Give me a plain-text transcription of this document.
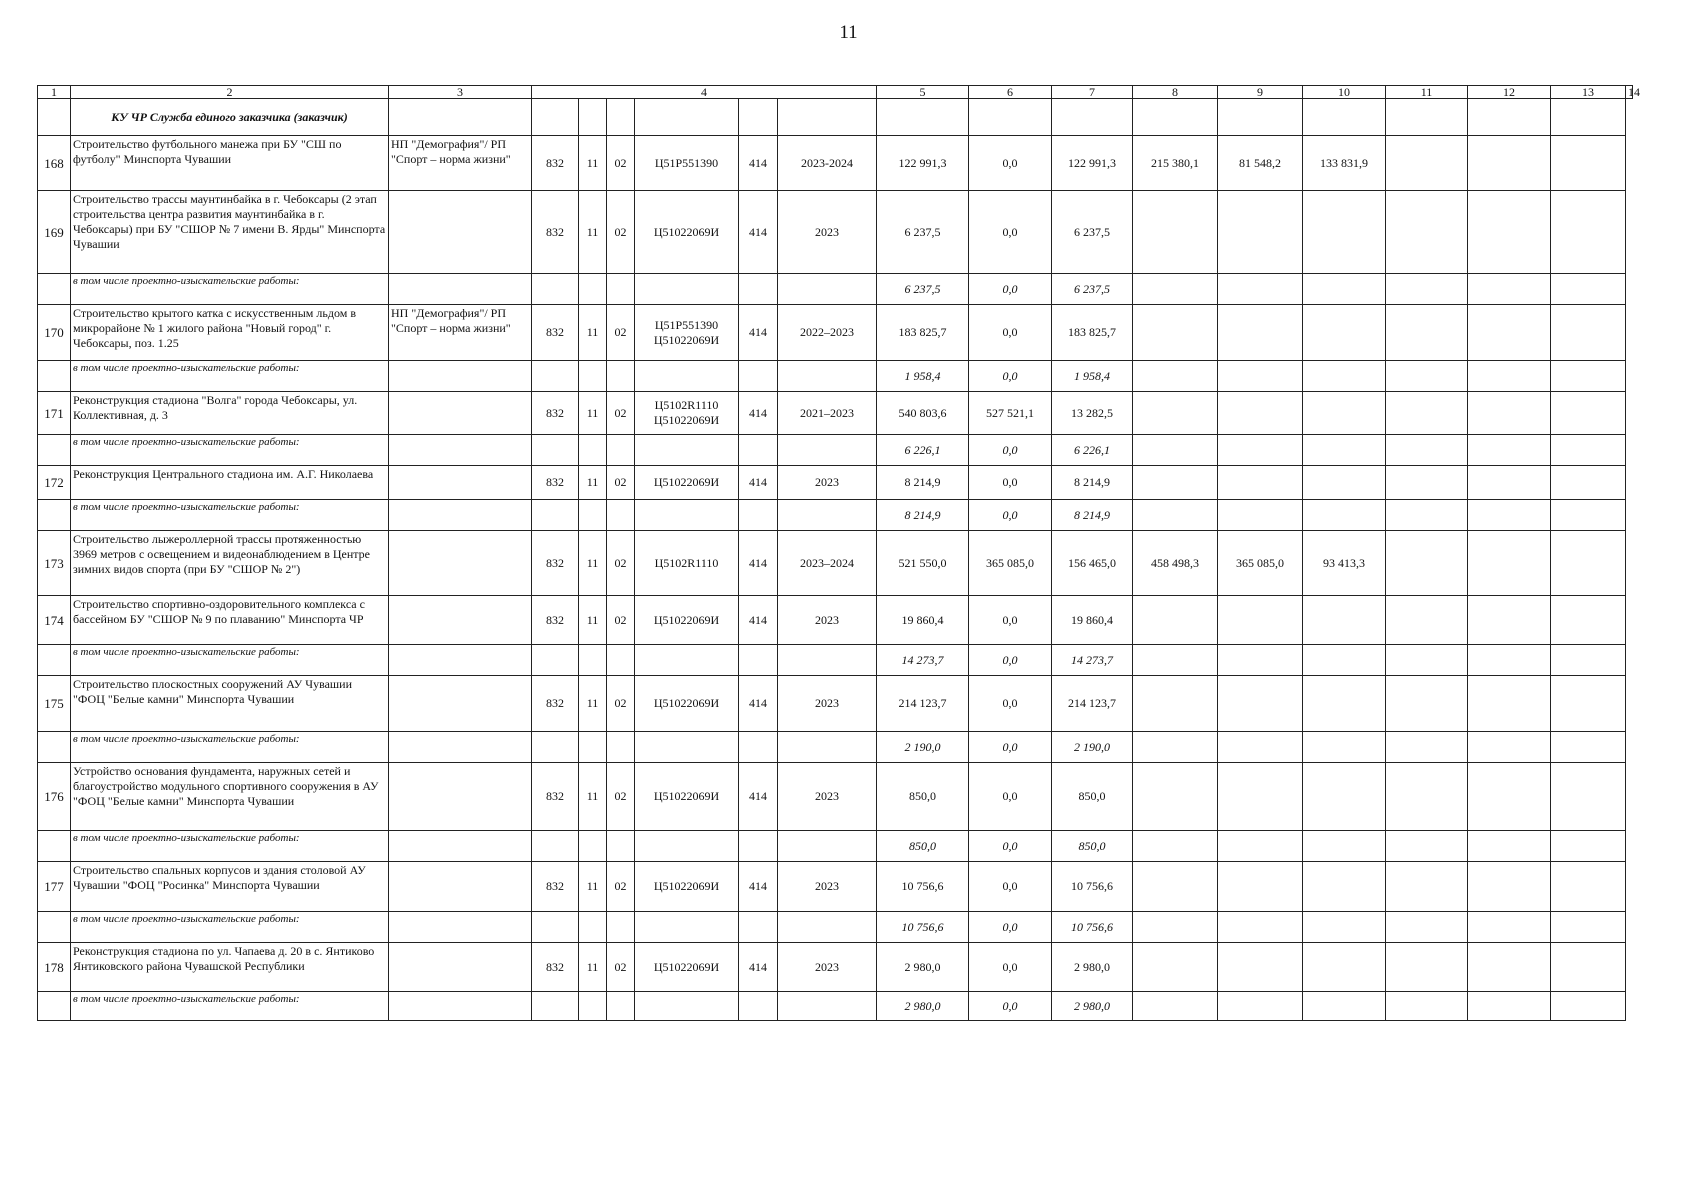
11
1	2	3	4						5	6	7	8	9	10	11	12	13	14
	КУ ЧР Служба единого заказчика (заказчик)																	
168	Строительство футбольного манежа при БУ "СШ по футболу" Минспорта Чувашии	НП "Демография"/ РП "Спорт – норма жизни"	832	11	02	Ц51Р551390	414	2023-2024	122 991,3	0,0	122 991,3	215 380,1	81 548,2	133 831,9				
169	Строительство трассы маунтинбайка в г. Чебоксары (2 этап строительства центра развития маунтинбайка в г. Чебоксары) при БУ "СШОР № 7 имени В. Ярды" Минспорта Чувашии		832	11	02	Ц51022069И	414	2023	6 237,5	0,0	6 237,5							
	в том числе проектно-изыскательские работы:								6 237,5	0,0	6 237,5							
170	Строительство крытого катка с искусственным льдом в микрорайоне № 1 жилого района "Новый город" г. Чебоксары, поз. 1.25	НП "Демография"/ РП "Спорт – норма жизни"	832	11	02	Ц51Р551390 Ц51022069И	414	2022–2023	183 825,7	0,0	183 825,7							
	в том числе проектно-изыскательские работы:								1 958,4	0,0	1 958,4							
171	Реконструкция стадиона "Волга" города Чебоксары, ул. Коллективная, д. 3		832	11	02	Ц5102R1110 Ц51022069И	414	2021–2023	540 803,6	527 521,1	13 282,5							
	в том числе проектно-изыскательские работы:								6 226,1	0,0	6 226,1							
172	Реконструкция Центрального стадиона им. А.Г. Николаева		832	11	02	Ц51022069И	414	2023	8 214,9	0,0	8 214,9							
	в том числе проектно-изыскательские работы:								8 214,9	0,0	8 214,9							
173	Строительство лыжероллерной трассы протяженностью 3969 метров с освещением и видеонаблюдением в Центре зимних видов спорта (при БУ "СШОР № 2")		832	11	02	Ц5102R1110	414	2023–2024	521 550,0	365 085,0	156 465,0	458 498,3	365 085,0	93 413,3				
174	Строительство спортивно-оздоровительного комплекса с бассейном БУ "СШОР № 9 по плаванию" Минспорта ЧР		832	11	02	Ц51022069И	414	2023	19 860,4	0,0	19 860,4							
	в том числе проектно-изыскательские работы:								14 273,7	0,0	14 273,7							
175	Строительство плоскостных сооружений АУ Чувашии "ФОЦ "Белые камни" Минспорта Чувашии		832	11	02	Ц51022069И	414	2023	214 123,7	0,0	214 123,7							
	в том числе проектно-изыскательские работы:								2 190,0	0,0	2 190,0							
176	Устройство основания фундамента, наружных сетей и благоустройство модульного спортивного сооружения в АУ "ФОЦ "Белые камни" Минспорта Чувашии		832	11	02	Ц51022069И	414	2023	850,0	0,0	850,0							
	в том числе проектно-изыскательские работы:								850,0	0,0	850,0							
177	Строительство спальных корпусов и здания столовой АУ Чувашии "ФОЦ "Росинка" Минспорта Чувашии		832	11	02	Ц51022069И	414	2023	10 756,6	0,0	10 756,6							
	в том числе проектно-изыскательские работы:								10 756,6	0,0	10 756,6							
178	Реконструкция стадиона по ул. Чапаева д. 20 в с. Янтиково Янтиковского района Чувашской Республики		832	11	02	Ц51022069И	414	2023	2 980,0	0,0	2 980,0							
	в том числе проектно-изыскательские работы:								2 980,0	0,0	2 980,0							
